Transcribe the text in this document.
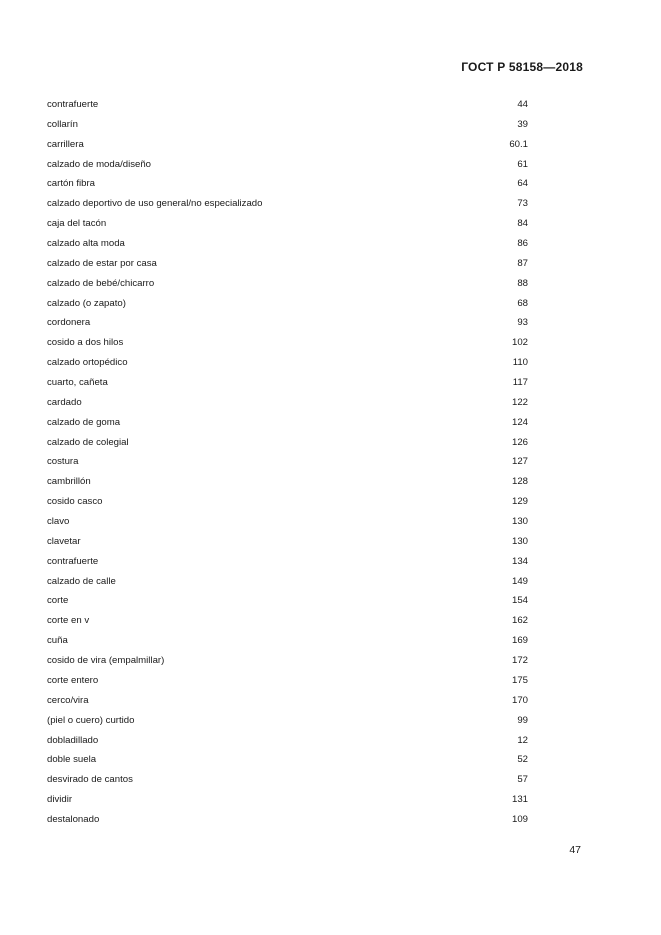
ГОСТ Р 58158—2018
contrafuerte	44
collarín	39
carrillera	60.1
calzado de moda/diseño	61
cartón fibra	64
calzado deportivo de uso general/no especializado	73
caja del tacón	84
calzado alta moda	86
calzado de estar por casa	87
calzado de bebé/chicarro	88
calzado (o zapato)	68
cordonera	93
cosido a dos hilos	102
calzado ortopédico	110
cuarto, cañeta	117
cardado	122
calzado de goma	124
calzado de colegial	126
costura	127
cambrillón	128
cosido casco	129
clavo	130
clavetar	130
contrafuerte	134
calzado de calle	149
corte	154
corte en v	162
cuña	169
cosido de vira (empalmillar)	172
corte entero	175
cerco/vira	170
(piel o cuero) curtido	99
dobladillado	12
doble suela	52
desvirado de cantos	57
dividir	131
destalonado	109
47
